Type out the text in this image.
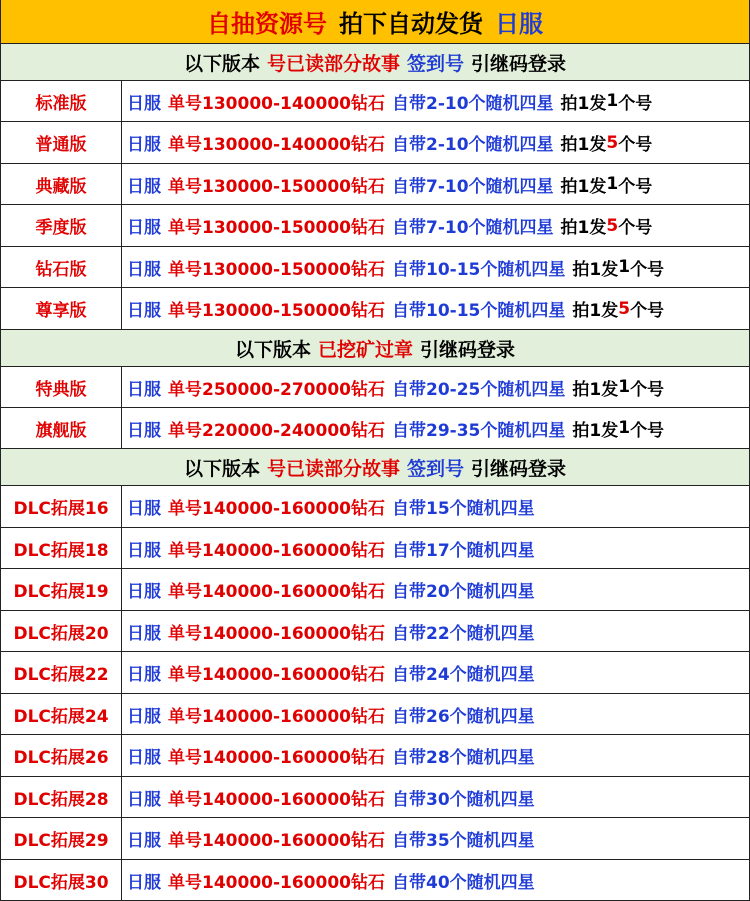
自抽资源号 拍下自动发货 日服
以下版本 号已读部分故事 签到号 引继码登录
标准版	日服 单号130000-140000钻石 自带2-10个随机四星 拍1发 1 个号
普通版	日服 单号130000-140000钻石 自带2-10个随机四星 拍1发 5 个号
典藏版	日服 单号130000-150000钻石 自带7-10个随机四星 拍1发 1 个号
季度版	日服 单号130000-150000钻石 自带7-10个随机四星 拍1发 5 个号
钻石版	日服 单号130000-150000钻石 自带10-15个随机四星 拍1发 1 个号
尊享版	日服 单号130000-150000钻石 自带10-15个随机四星 拍1发 5 个号
以下版本 已挖矿过章 引继码登录
特典版	日服 单号250000-270000钻石 自带20-25个随机四星 拍1发 1 个号
旗舰版	日服 单号220000-240000钻石 自带29-35个随机四星 拍1发 1 个号
以下版本 号已读部分故事 签到号 引继码登录
DLC拓展16	日服 单号140000-160000钻石 自带15个随机四星
DLC拓展18	日服 单号140000-160000钻石 自带17个随机四星
DLC拓展19	日服 单号140000-160000钻石 自带20个随机四星
DLC拓展20	日服 单号140000-160000钻石 自带22个随机四星
DLC拓展22	日服 单号140000-160000钻石 自带24个随机四星
DLC拓展24	日服 单号140000-160000钻石 自带26个随机四星
DLC拓展26	日服 单号140000-160000钻石 自带28个随机四星
DLC拓展28	日服 单号140000-160000钻石 自带30个随机四星
DLC拓展29	日服 单号140000-160000钻石 自带35个随机四星
DLC拓展30	日服 单号140000-160000钻石 自带40个随机四星
